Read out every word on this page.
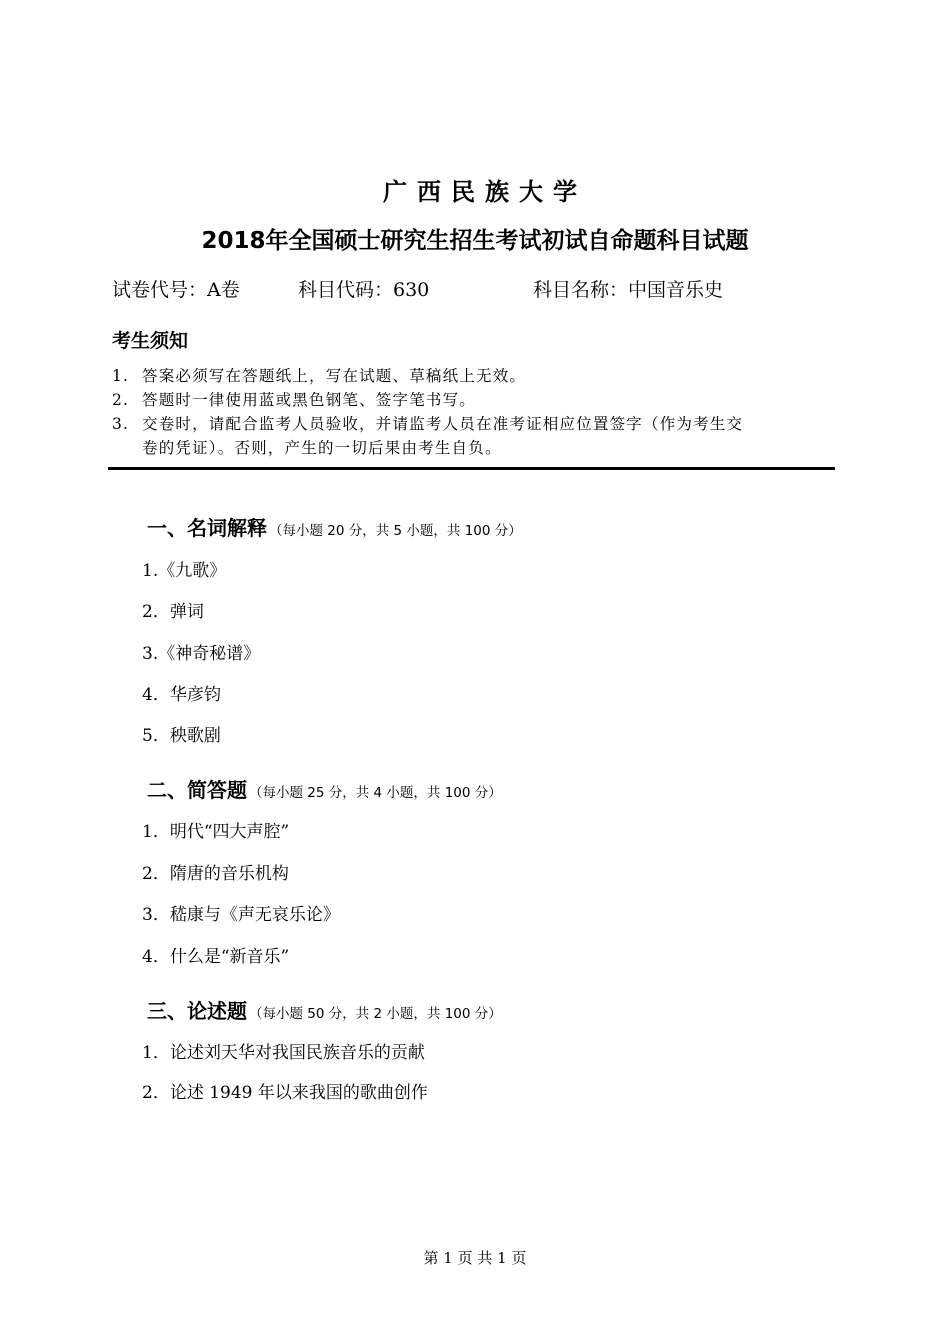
广西民族大学
2018年全国硕士研究生招生考试初试自命题科目试题
试卷代号：A卷	科目代码：630	科目名称：中国音乐史
考生须知
1. 答案必须写在答题纸上，写在试题、草稿纸上无效。
2. 答题时一律使用蓝或黑色钢笔、签字笔书写。
3. 交卷时，请配合监考人员验收，并请监考人员在准考证相应位置签字（作为考生交
卷的凭证）。否则，产生的一切后果由考生自负。
一、名词解释 （每小题 20 分，共 5 小题，共 100 分）
1.《九歌》
2．弹词
3.《神奇秘谱》
4．华彦钧
5．秧歌剧
二、简答题 （每小题 25 分，共 4 小题，共 100 分）
1．明代“四大声腔”
2．隋唐的音乐机构
3．嵇康与《声无哀乐论》
4．什么是“新音乐”
三、论述题 （每小题 50 分，共 2 小题，共 100 分）
1．论述刘天华对我国民族音乐的贡献
2．论述 1949 年以来我国的歌曲创作
第 1 页 共 1 页
